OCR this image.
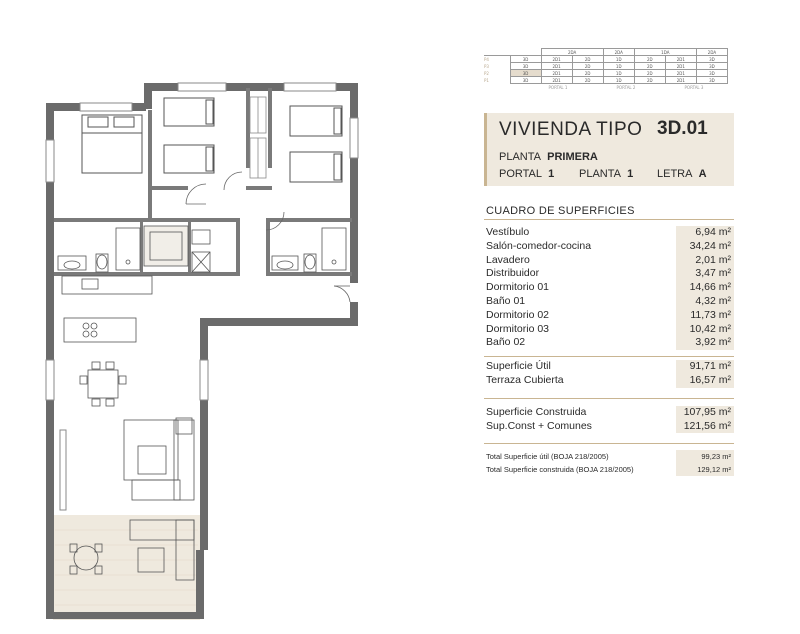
		2DA		2DA	1DA		2DA
P4	3D	2D1	2D	1D	2D	2D1	3D
P3	3D	2D1	2D	1D	2D	2D1	3D
P2	3D	2D1	2D	1D	2D	2D1	3D
P1	3D	2D1	2D	1D	2D	2D1	3D
PORTAL 1	PORTAL 2	PORTAL 3
VIVIENDA TIPO 3D.01
PLANTA PRIMERA
PORTAL 1 PLANTA 1 LETRA A
CUADRO DE SUPERFICIES
Vestíbulo	6,94 m²
Salón-comedor-cocina	34,24 m²
Lavadero	2,01 m²
Distribuidor	3,47 m²
Dormitorio 01	14,66 m²
Baño 01	4,32 m²
Dormitorio 02	11,73 m²
Dormitorio 03	10,42 m²
Baño 02	3,92 m²
Superficie Útil	91,71 m²
Terraza Cubierta	16,57 m²
Superficie Construida	107,95 m²
Sup.Const + Comunes	121,56 m²
Total Superficie útil (BOJA 218/2005)	99,23 m²
Total Superficie construida (BOJA 218/2005)	129,12 m²
